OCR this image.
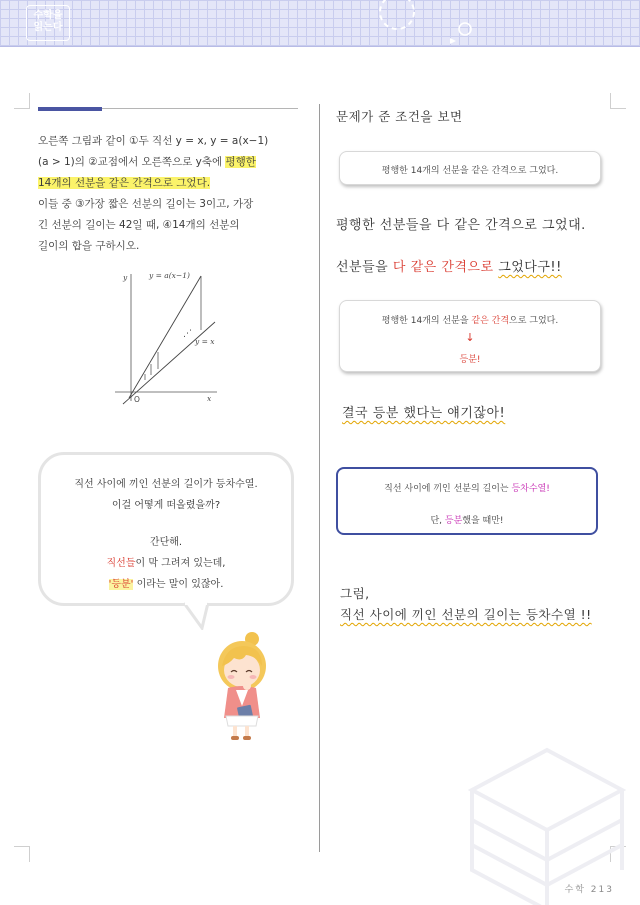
수학을
읽는다
오른쪽 그림과 같이 ①두 직선 y = x, y = a(x−1)
(a > 1)의 ②교점에서 오른쪽으로 y축에 평행한
14개의 선분을 같은 간격으로 그었다.
이들 중 ③가장 짧은 선분의 길이는 3이고, 가장
긴 선분의 길이는 42일 때, ④14개의 선분의
길이의 합을 구하시오.
⋰
y = a(x−1)
y = x
y
x
O

직선 사이에 끼인 선분의 길이가 등차수열.

이걸 어떻게 떠올렸을까?

간단해.

직선들이 막 그려져 있는데,

'등분' 이라는 말이 있잖아.

문제가 준 조건을 보면
평행한 14개의 선분을 같은 간격으로 그었다.
평행한 선분들을 다 같은 간격으로 그었대.
선분들을 다 같은 간격으로 그었다구!!
평행한 14개의 선분을 같은 간격으로 그었다.
↓
등분!
결국 등분 했다는 얘기잖아!
직선 사이에 끼인 선분의 길이는 등차수열!
단, 등분했을 때만!
그럼,
직선 사이에 끼인 선분의 길이는 등차수열 !!
수학 213
